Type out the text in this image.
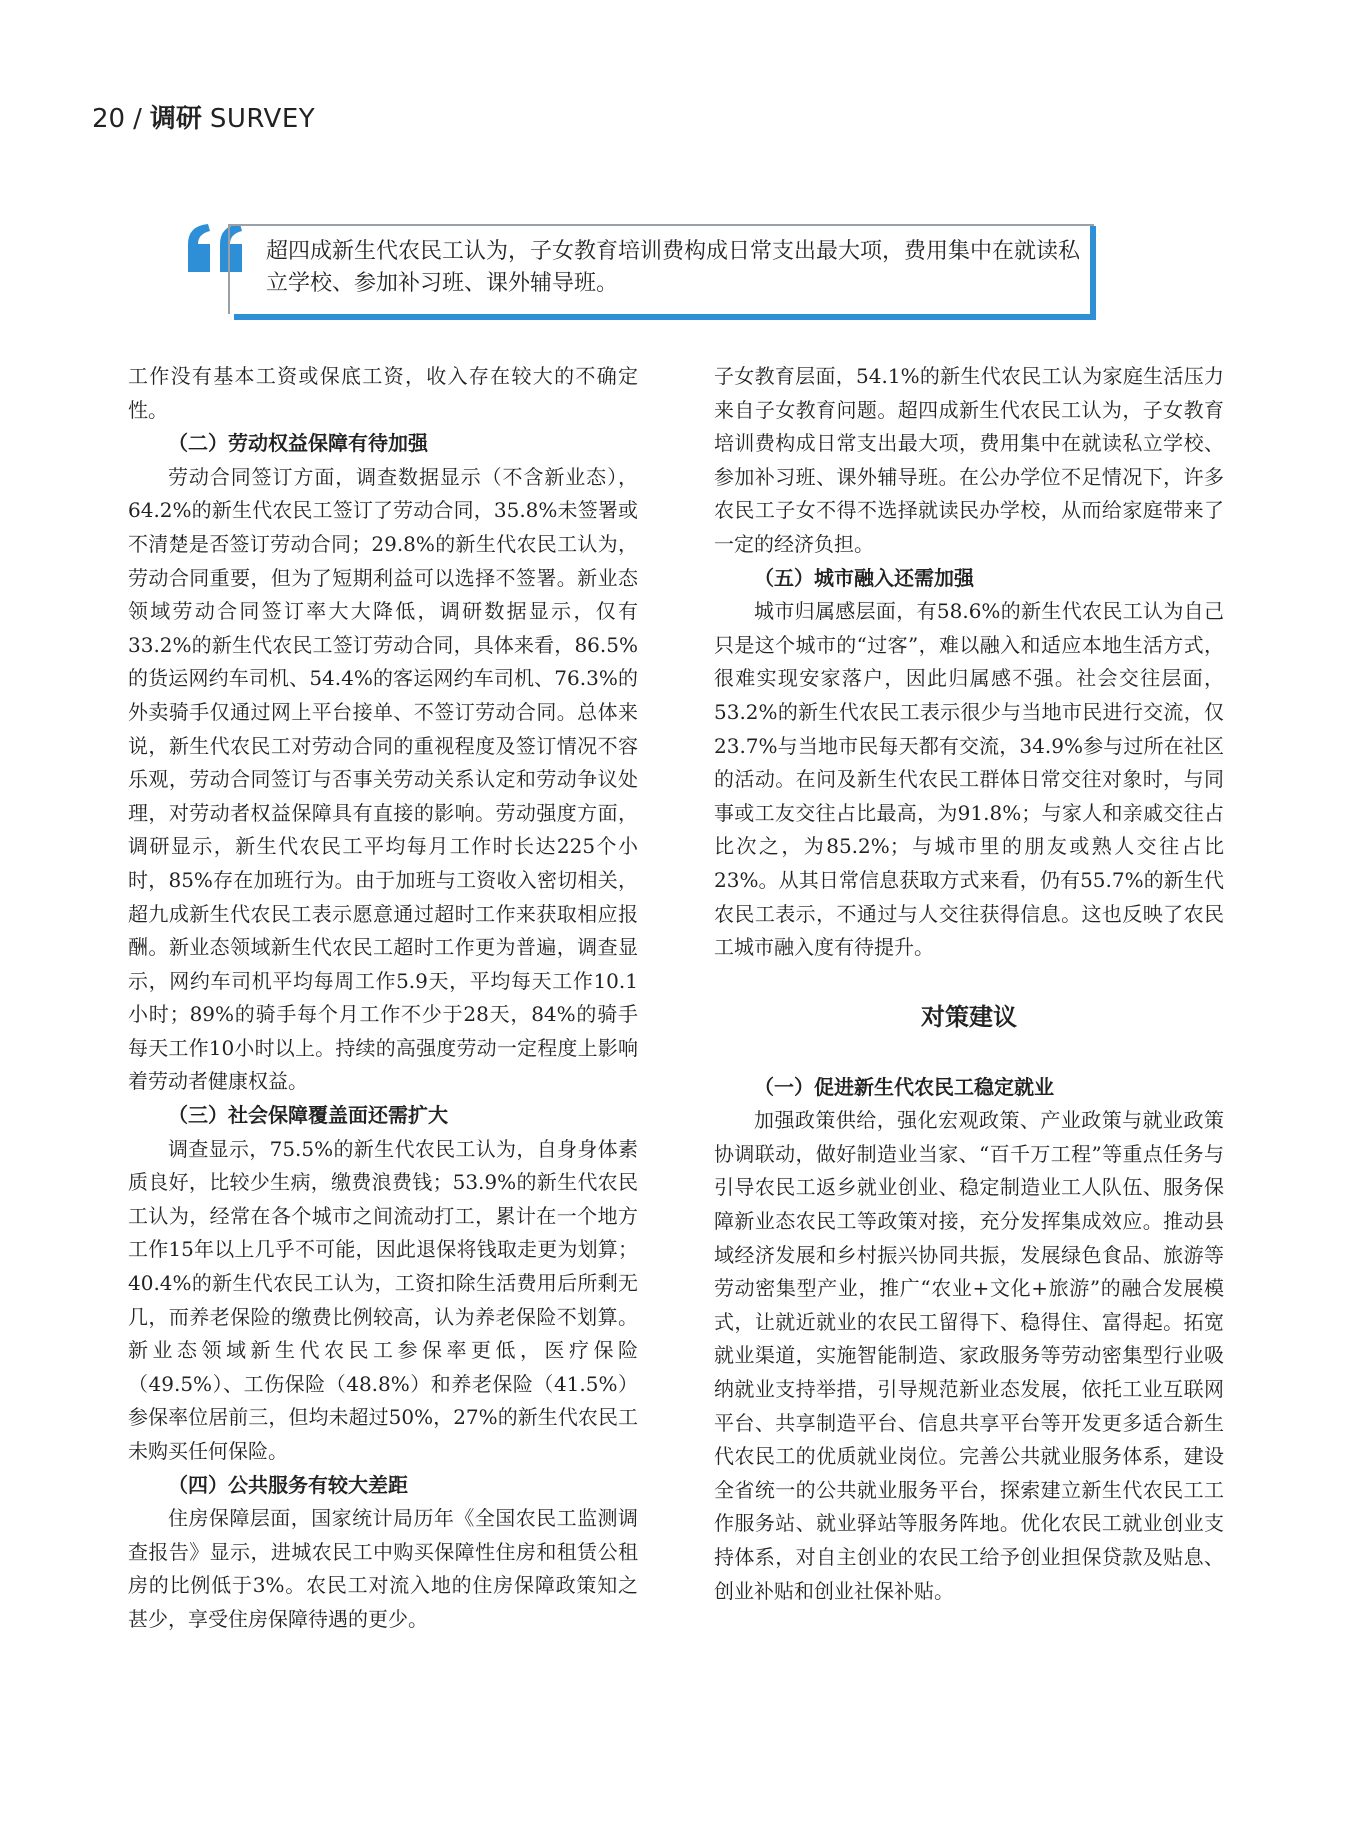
20 / 调研 SURVEY
超四成新生代农民工认为，子女教育培训费构成日常支出最大项，费用集中在就读私立学校、参加补习班、课外辅导班。

工作没有基本工资或保底工资，收入存在较大的不确定性。

（二）劳动权益保障有待加强

劳动合同签订方面，调查数据显示（不含新业态），64.2%的新生代农民工签订了劳动合同，35.8%未签署或不清楚是否签订劳动合同；29.8%的新生代农民工认为，劳动合同重要，但为了短期利益可以选择不签署。新业态领域劳动合同签订率大大降低，调研数据显示，仅有33.2%的新生代农民工签订劳动合同，具体来看，86.5%的货运网约车司机、54.4%的客运网约车司机、76.3%的外卖骑手仅通过网上平台接单、不签订劳动合同。总体来说，新生代农民工对劳动合同的重视程度及签订情况不容乐观，劳动合同签订与否事关劳动关系认定和劳动争议处理，对劳动者权益保障具有直接的影响。劳动强度方面，调研显示，新生代农民工平均每月工作时长达225个小时，85%存在加班行为。由于加班与工资收入密切相关，超九成新生代农民工表示愿意通过超时工作来获取相应报酬。新业态领域新生代农民工超时工作更为普遍，调查显示，网约车司机平均每周工作5.9天，平均每天工作10.1小时；89%的骑手每个月工作不少于28天，84%的骑手每天工作10小时以上。持续的高强度劳动一定程度上影响着劳动者健康权益。

（三）社会保障覆盖面还需扩大

调查显示，75.5%的新生代农民工认为，自身身体素质良好，比较少生病，缴费浪费钱；53.9%的新生代农民工认为，经常在各个城市之间流动打工，累计在一个地方工作15年以上几乎不可能，因此退保将钱取走更为划算；40.4%的新生代农民工认为，工资扣除生活费用后所剩无几，而养老保险的缴费比例较高，认为养老保险不划算。新业态领域新生代农民工参保率更低，医疗保险（49.5%）、工伤保险（48.8%）和养老保险（41.5%）参保率位居前三，但均未超过50%，27%的新生代农民工未购买任何保险。

（四）公共服务有较大差距

住房保障层面，国家统计局历年《全国农民工监测调查报告》显示，进城农民工中购买保障性住房和租赁公租房的比例低于3%。农民工对流入地的住房保障政策知之甚少，享受住房保障待遇的更少。

子女教育层面，54.1%的新生代农民工认为家庭生活压力来自子女教育问题。超四成新生代农民工认为，子女教育培训费构成日常支出最大项，费用集中在就读私立学校、参加补习班、课外辅导班。在公办学位不足情况下，许多农民工子女不得不选择就读民办学校，从而给家庭带来了一定的经济负担。

（五）城市融入还需加强

城市归属感层面，有58.6%的新生代农民工认为自己只是这个城市的“过客”，难以融入和适应本地生活方式，很难实现安家落户，因此归属感不强。社会交往层面，53.2%的新生代农民工表示很少与当地市民进行交流，仅23.7%与当地市民每天都有交流，34.9%参与过所在社区的活动。在问及新生代农民工群体日常交往对象时，与同事或工友交往占比最高，为91.8%；与家人和亲戚交往占比次之，为85.2%；与城市里的朋友或熟人交往占比23%。从其日常信息获取方式来看，仍有55.7%的新生代农民工表示，不通过与人交往获得信息。这也反映了农民工城市融入度有待提升。

对策建议
（一）促进新生代农民工稳定就业

加强政策供给，强化宏观政策、产业政策与就业政策协调联动，做好制造业当家、“百千万工程”等重点任务与引导农民工返乡就业创业、稳定制造业工人队伍、服务保障新业态农民工等政策对接，充分发挥集成效应。推动县域经济发展和乡村振兴协同共振，发展绿色食品、旅游等劳动密集型产业，推广“农业+文化+旅游”的融合发展模式，让就近就业的农民工留得下、稳得住、富得起。拓宽就业渠道，实施智能制造、家政服务等劳动密集型行业吸纳就业支持举措，引导规范新业态发展，依托工业互联网平台、共享制造平台、信息共享平台等开发更多适合新生代农民工的优质就业岗位。完善公共就业服务体系，建设全省统一的公共就业服务平台，探索建立新生代农民工工作服务站、就业驿站等服务阵地。优化农民工就业创业支持体系，对自主创业的农民工给予创业担保贷款及贴息、创业补贴和创业社保补贴。
